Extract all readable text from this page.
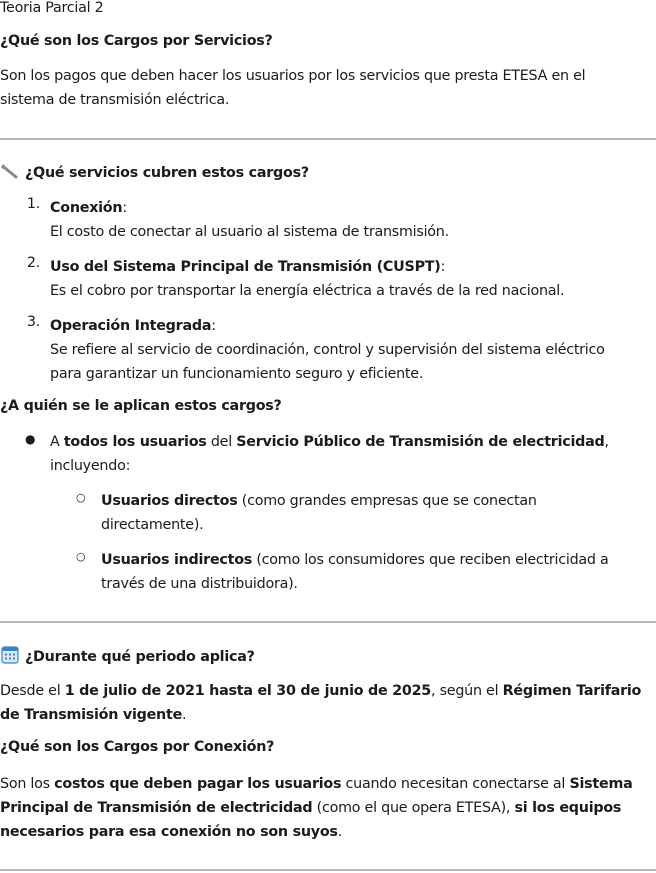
Teoria Parcial 2
¿Qué son los Cargos por Servicios?

Son los pagos que deben hacer los usuarios por los servicios que presta ETESA en el sistema de transmisión eléctrica.

¿Qué servicios cubren estos cargos?
1. Conexión:
El costo de conectar al usuario al sistema de transmisión.

2. Uso del Sistema Principal de Transmisión (CUSPT):
Es el cobro por transportar la energía eléctrica a través de la red nacional.

3. Operación Integrada:
Se refiere al servicio de coordinación, control y supervisión del sistema eléctrico para garantizar un funcionamiento seguro y eficiente.

¿A quién se le aplican estos cargos?
● A todos los usuarios del Servicio Público de Transmisión de electricidad, incluyendo:

○ Usuarios directos (como grandes empresas que se conectan directamente).

○ Usuarios indirectos (como los consumidores que reciben electricidad a través de una distribuidora).

¿Durante qué periodo aplica?

Desde el 1 de julio de 2021 hasta el 30 de junio de 2025, según el Régimen Tarifario de Transmisión vigente.

¿Qué son los Cargos por Conexión?

Son los costos que deben pagar los usuarios cuando necesitan conectarse al Sistema Principal de Transmisión de electricidad (como el que opera ETESA), si los equipos necesarios para esa conexión no son suyos.
